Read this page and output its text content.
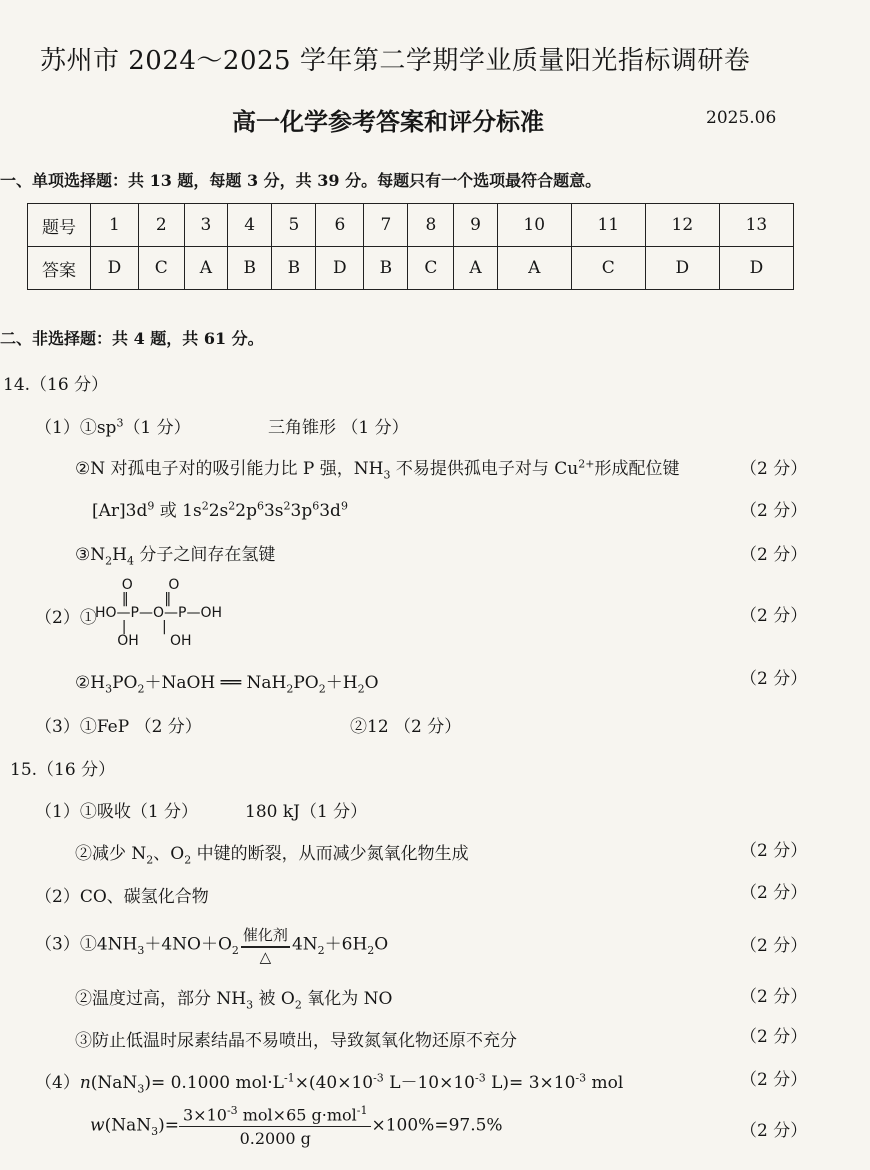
苏州市 2024～2025 学年第二学期学业质量阳光指标调研卷
高一化学参考答案和评分标准	2025.06
一、单项选择题：共 13 题，每题 3 分，共 39 分。每题只有一个选项最符合题意。
题号	1	2	3	4	5	6	7	8	9	10	11	12	13
答案	D	C	A	B	B	D	B	C	A	A	C	D	D
二、非选择题：共 4 题，共 61 分。
14.（16 分）
$(1)①sp^3(1$ 分）	三角锥形 （1 分）
②N 对孤电子对的吸引能力比 P 强，$NH_3$ 不易提供孤电子对与 $Cu^{2+}$形成配位键	（2 分）
$[Ar]3d^9$ 或 $1s^22s^22p^63s^23p^63d^9$	（2 分）
$③N_2H_4$ 分子之间存在氢键	（2 分）
（2）①
O        O
‖        ‖
HO—P—O—P—OH
|        |
OH       OH
（2 分）
$②H_3PO_2+NaOH$ ══ $NaH_2PO_2+H_2O$	（2 分）
（3）①FeP （2 分）	②12 （2 分）
15.（16 分）
（1）①吸收（1 分）	180 kJ（1 分）
②减少 $N_2$、$O_2$ 中键的断裂，从而减少氮氧化物生成	（2 分）
（2）CO、碳氢化合物	（2 分）
$(3)①4NH_3+4NO+O_2$
催化剂
△
$4N_2+6H_2O$	（2 分）
②温度过高，部分 $NH_3$ 被 $O_2$ 氧化为 NO	（2 分）
③防止低温时尿素结晶不易喷出，导致氮氧化物还原不充分	（2 分）
（4）n(NaN$_3$)= 0.1000 $mol\cdot L^{-1}\times(40\times 10^{-3}$ $L-10\times 10^{-3}$ $L)= 3\times 10^{-3}$ mol	（2 分）
$w(NaN_3)= \frac{3\times 10^{-3} mol\times 65 g\cdot mol^{-1}}{0.2000 g} \times 100\%=97.5\%$	（2 分）
